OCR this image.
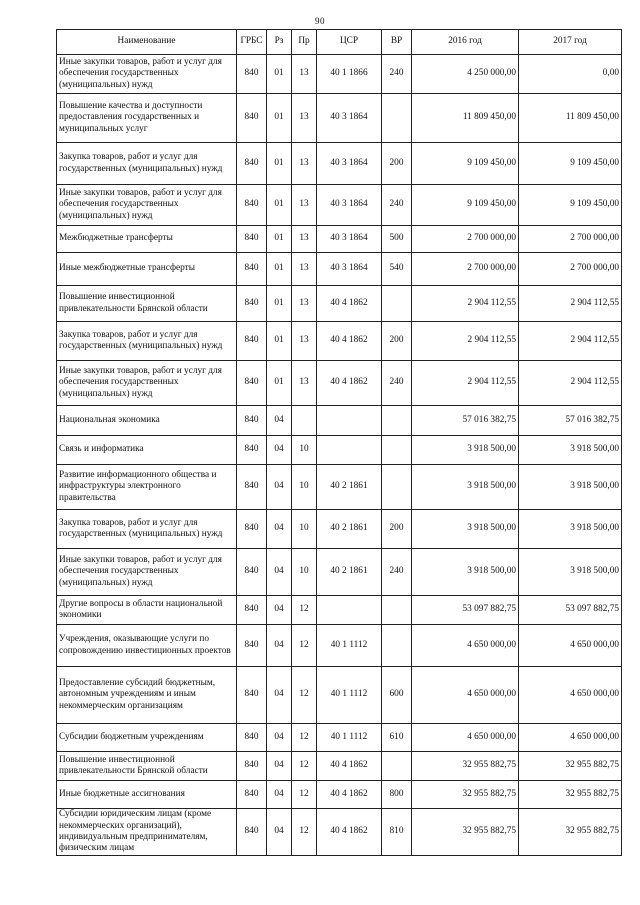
90
Наименование	ГРБС	Рз	Пр	ЦСР	ВР	2016 год	2017 год
Иные закупки товаров, работ и услуг для обеспечения государственных (муниципальных) нужд	840	01	13	40 1 1866	240	4 250 000,00	0,00
Повышение качества и доступности предоставления государственных и муниципальных услуг	840	01	13	40 3 1864		11 809 450,00	11 809 450,00
Закупка товаров, работ и услуг для государственных (муниципальных) нужд	840	01	13	40 3 1864	200	9 109 450,00	9 109 450,00
Иные закупки товаров, работ и услуг для обеспечения государственных (муниципальных) нужд	840	01	13	40 3 1864	240	9 109 450,00	9 109 450,00
Межбюджетные трансферты	840	01	13	40 3 1864	500	2 700 000,00	2 700 000,00
Иные межбюджетные трансферты	840	01	13	40 3 1864	540	2 700 000,00	2 700 000,00
Повышение инвестиционной привлекательности Брянской области	840	01	13	40 4 1862		2 904 112,55	2 904 112,55
Закупка товаров, работ и услуг для государственных (муниципальных) нужд	840	01	13	40 4 1862	200	2 904 112,55	2 904 112,55
Иные закупки товаров, работ и услуг для обеспечения государственных (муниципальных) нужд	840	01	13	40 4 1862	240	2 904 112,55	2 904 112,55
Национальная экономика	840	04				57 016 382,75	57 016 382,75
Связь и информатика	840	04	10			3 918 500,00	3 918 500,00
Развитие информационного общества и инфраструктуры электронного правительства	840	04	10	40 2 1861		3 918 500,00	3 918 500,00
Закупка товаров, работ и услуг для государственных (муниципальных) нужд	840	04	10	40 2 1861	200	3 918 500,00	3 918 500,00
Иные закупки товаров, работ и услуг для обеспечения государственных (муниципальных) нужд	840	04	10	40 2 1861	240	3 918 500,00	3 918 500,00
Другие вопросы в области национальной экономики	840	04	12			53 097 882,75	53 097 882,75
Учреждения, оказывающие услуги по сопровождению инвестиционных проектов	840	04	12	40 1 1112		4 650 000,00	4 650 000,00
Предоставление субсидий бюджетным, автономным учреждениям и иным некоммерческим организациям	840	04	12	40 1 1112	600	4 650 000,00	4 650 000,00
Субсидии бюджетным учреждениям	840	04	12	40 1 1112	610	4 650 000,00	4 650 000,00
Повышение инвестиционной привлекательности Брянской области	840	04	12	40 4 1862		32 955 882,75	32 955 882,75
Иные бюджетные ассигнования	840	04	12	40 4 1862	800	32 955 882,75	32 955 882,75
Субсидии юридическим лицам (кроме некоммерческих организаций), индивидуальным предпринимателям, физическим лицам	840	04	12	40 4 1862	810	32 955 882,75	32 955 882,75
